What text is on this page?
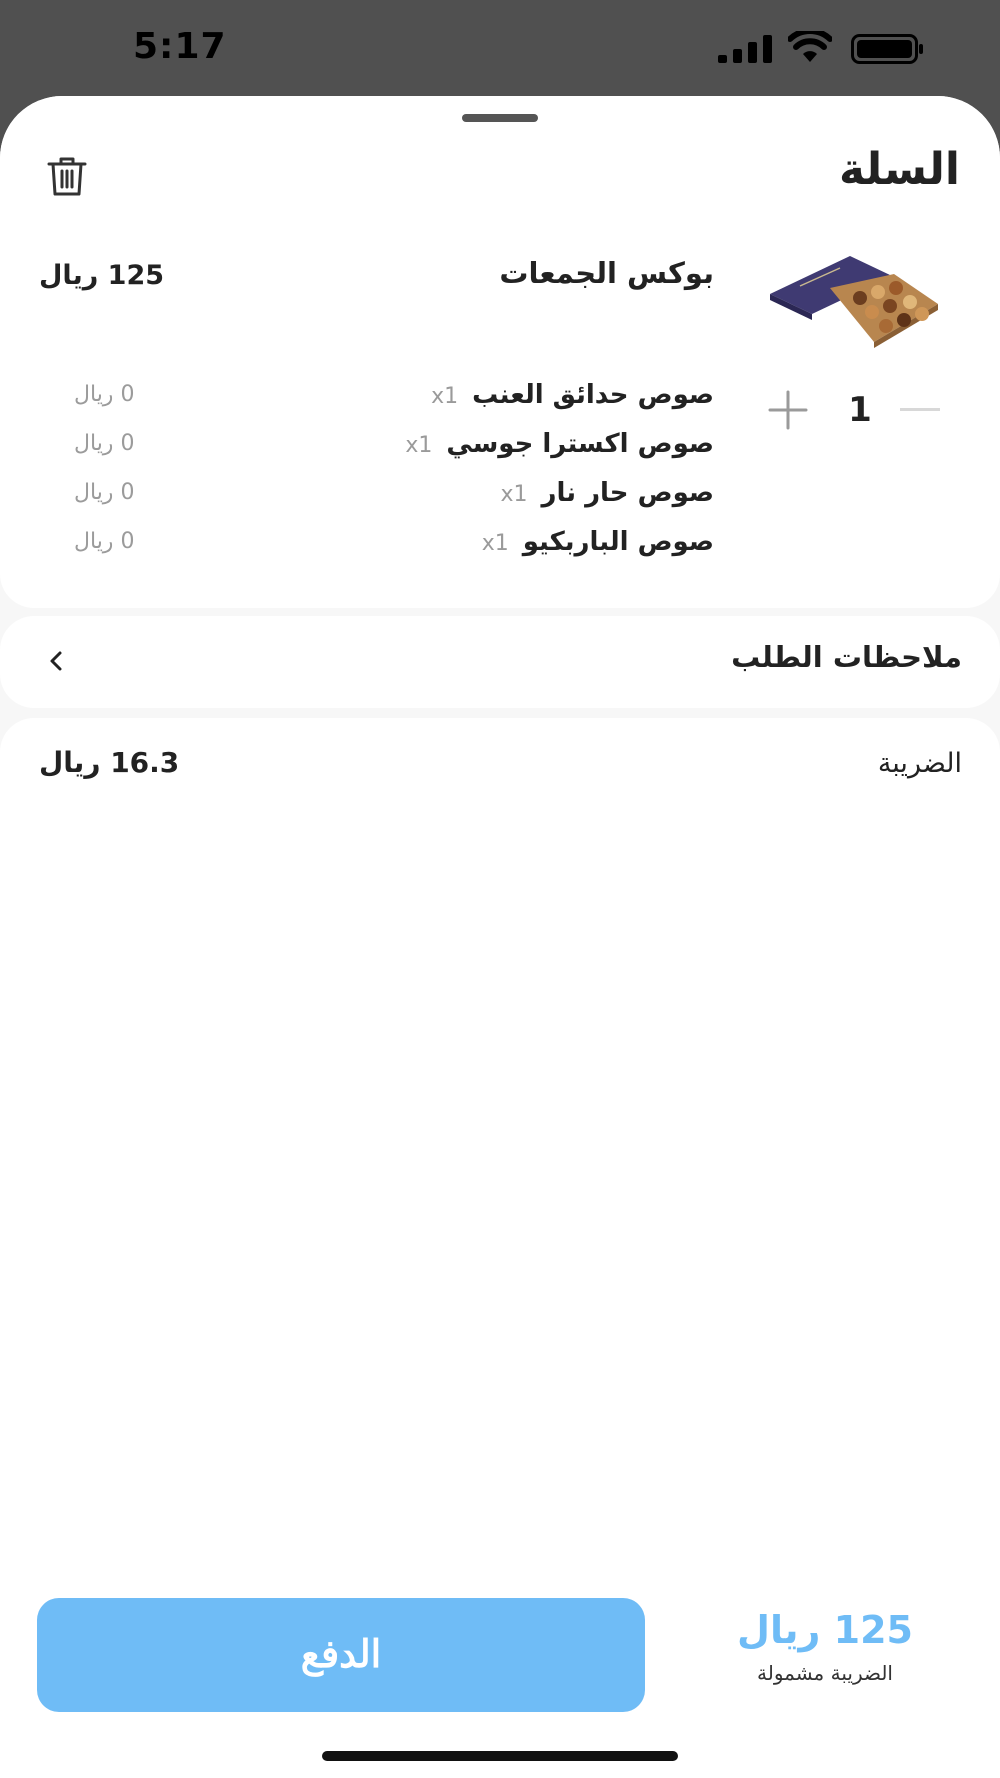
5:17
السلة
بوكس الجمعات
125 ريال
1
صوص حدائق العنبx1
0 ريال
صوص اكسترا جوسيx1
0 ريال
صوص حار نارx1
0 ريال
صوص الباربكيوx1
0 ريال
ملاحظات الطلب
الضريبة
16.3 ريال
الدفع
125 ريال
الضريبة مشمولة
